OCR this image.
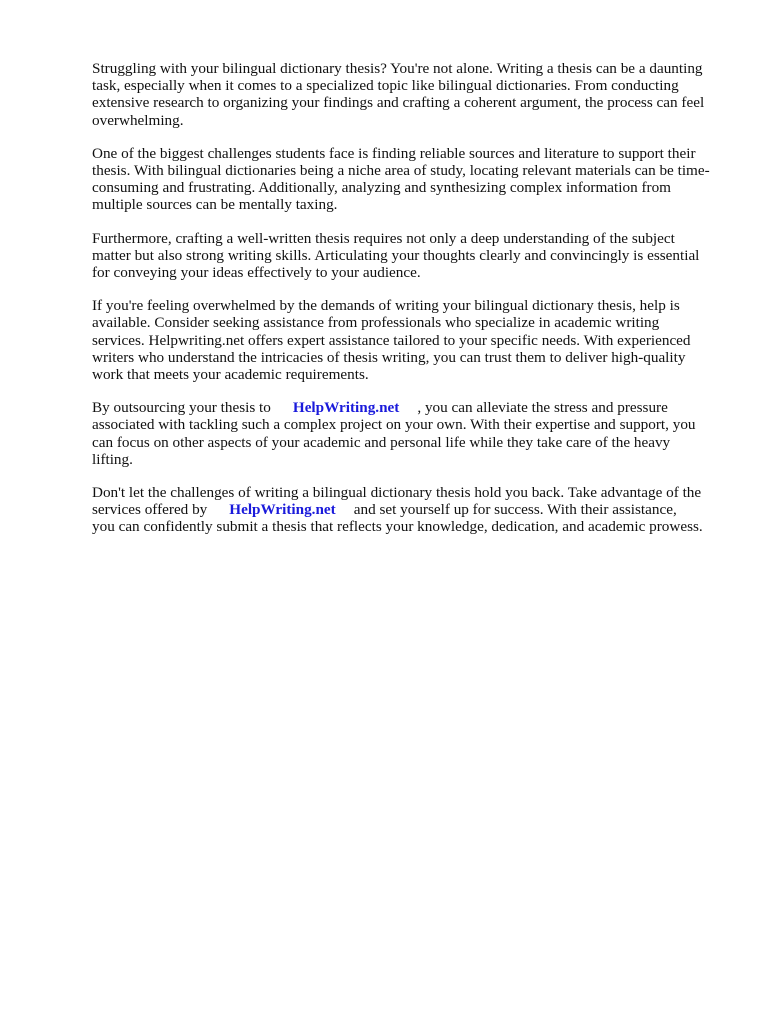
Struggling with your bilingual dictionary thesis? You're not alone. Writing a thesis can be a daunting
task, especially when it comes to a specialized topic like bilingual dictionaries. From conducting
extensive research to organizing your findings and crafting a coherent argument, the process can feel
overwhelming.

One of the biggest challenges students face is finding reliable sources and literature to support their
thesis. With bilingual dictionaries being a niche area of study, locating relevant materials can be time-
consuming and frustrating. Additionally, analyzing and synthesizing complex information from
multiple sources can be mentally taxing.

Furthermore, crafting a well-written thesis requires not only a deep understanding of the subject
matter but also strong writing skills. Articulating your thoughts clearly and convincingly is essential
for conveying your ideas effectively to your audience.

If you're feeling overwhelmed by the demands of writing your bilingual dictionary thesis, help is
available. Consider seeking assistance from professionals who specialize in academic writing
services. Helpwriting.net offers expert assistance tailored to your specific needs. With experienced
writers who understand the intricacies of thesis writing, you can trust them to deliver high-quality
work that meets your academic requirements.

By outsourcing your thesis to HelpWriting.net , you can alleviate the stress and pressure
associated with tackling such a complex project on your own. With their expertise and support, you
can focus on other aspects of your academic and personal life while they take care of the heavy
lifting.

Don't let the challenges of writing a bilingual dictionary thesis hold you back. Take advantage of the
services offered by HelpWriting.net and set yourself up for success. With their assistance,
you can confidently submit a thesis that reflects your knowledge, dedication, and academic prowess.
